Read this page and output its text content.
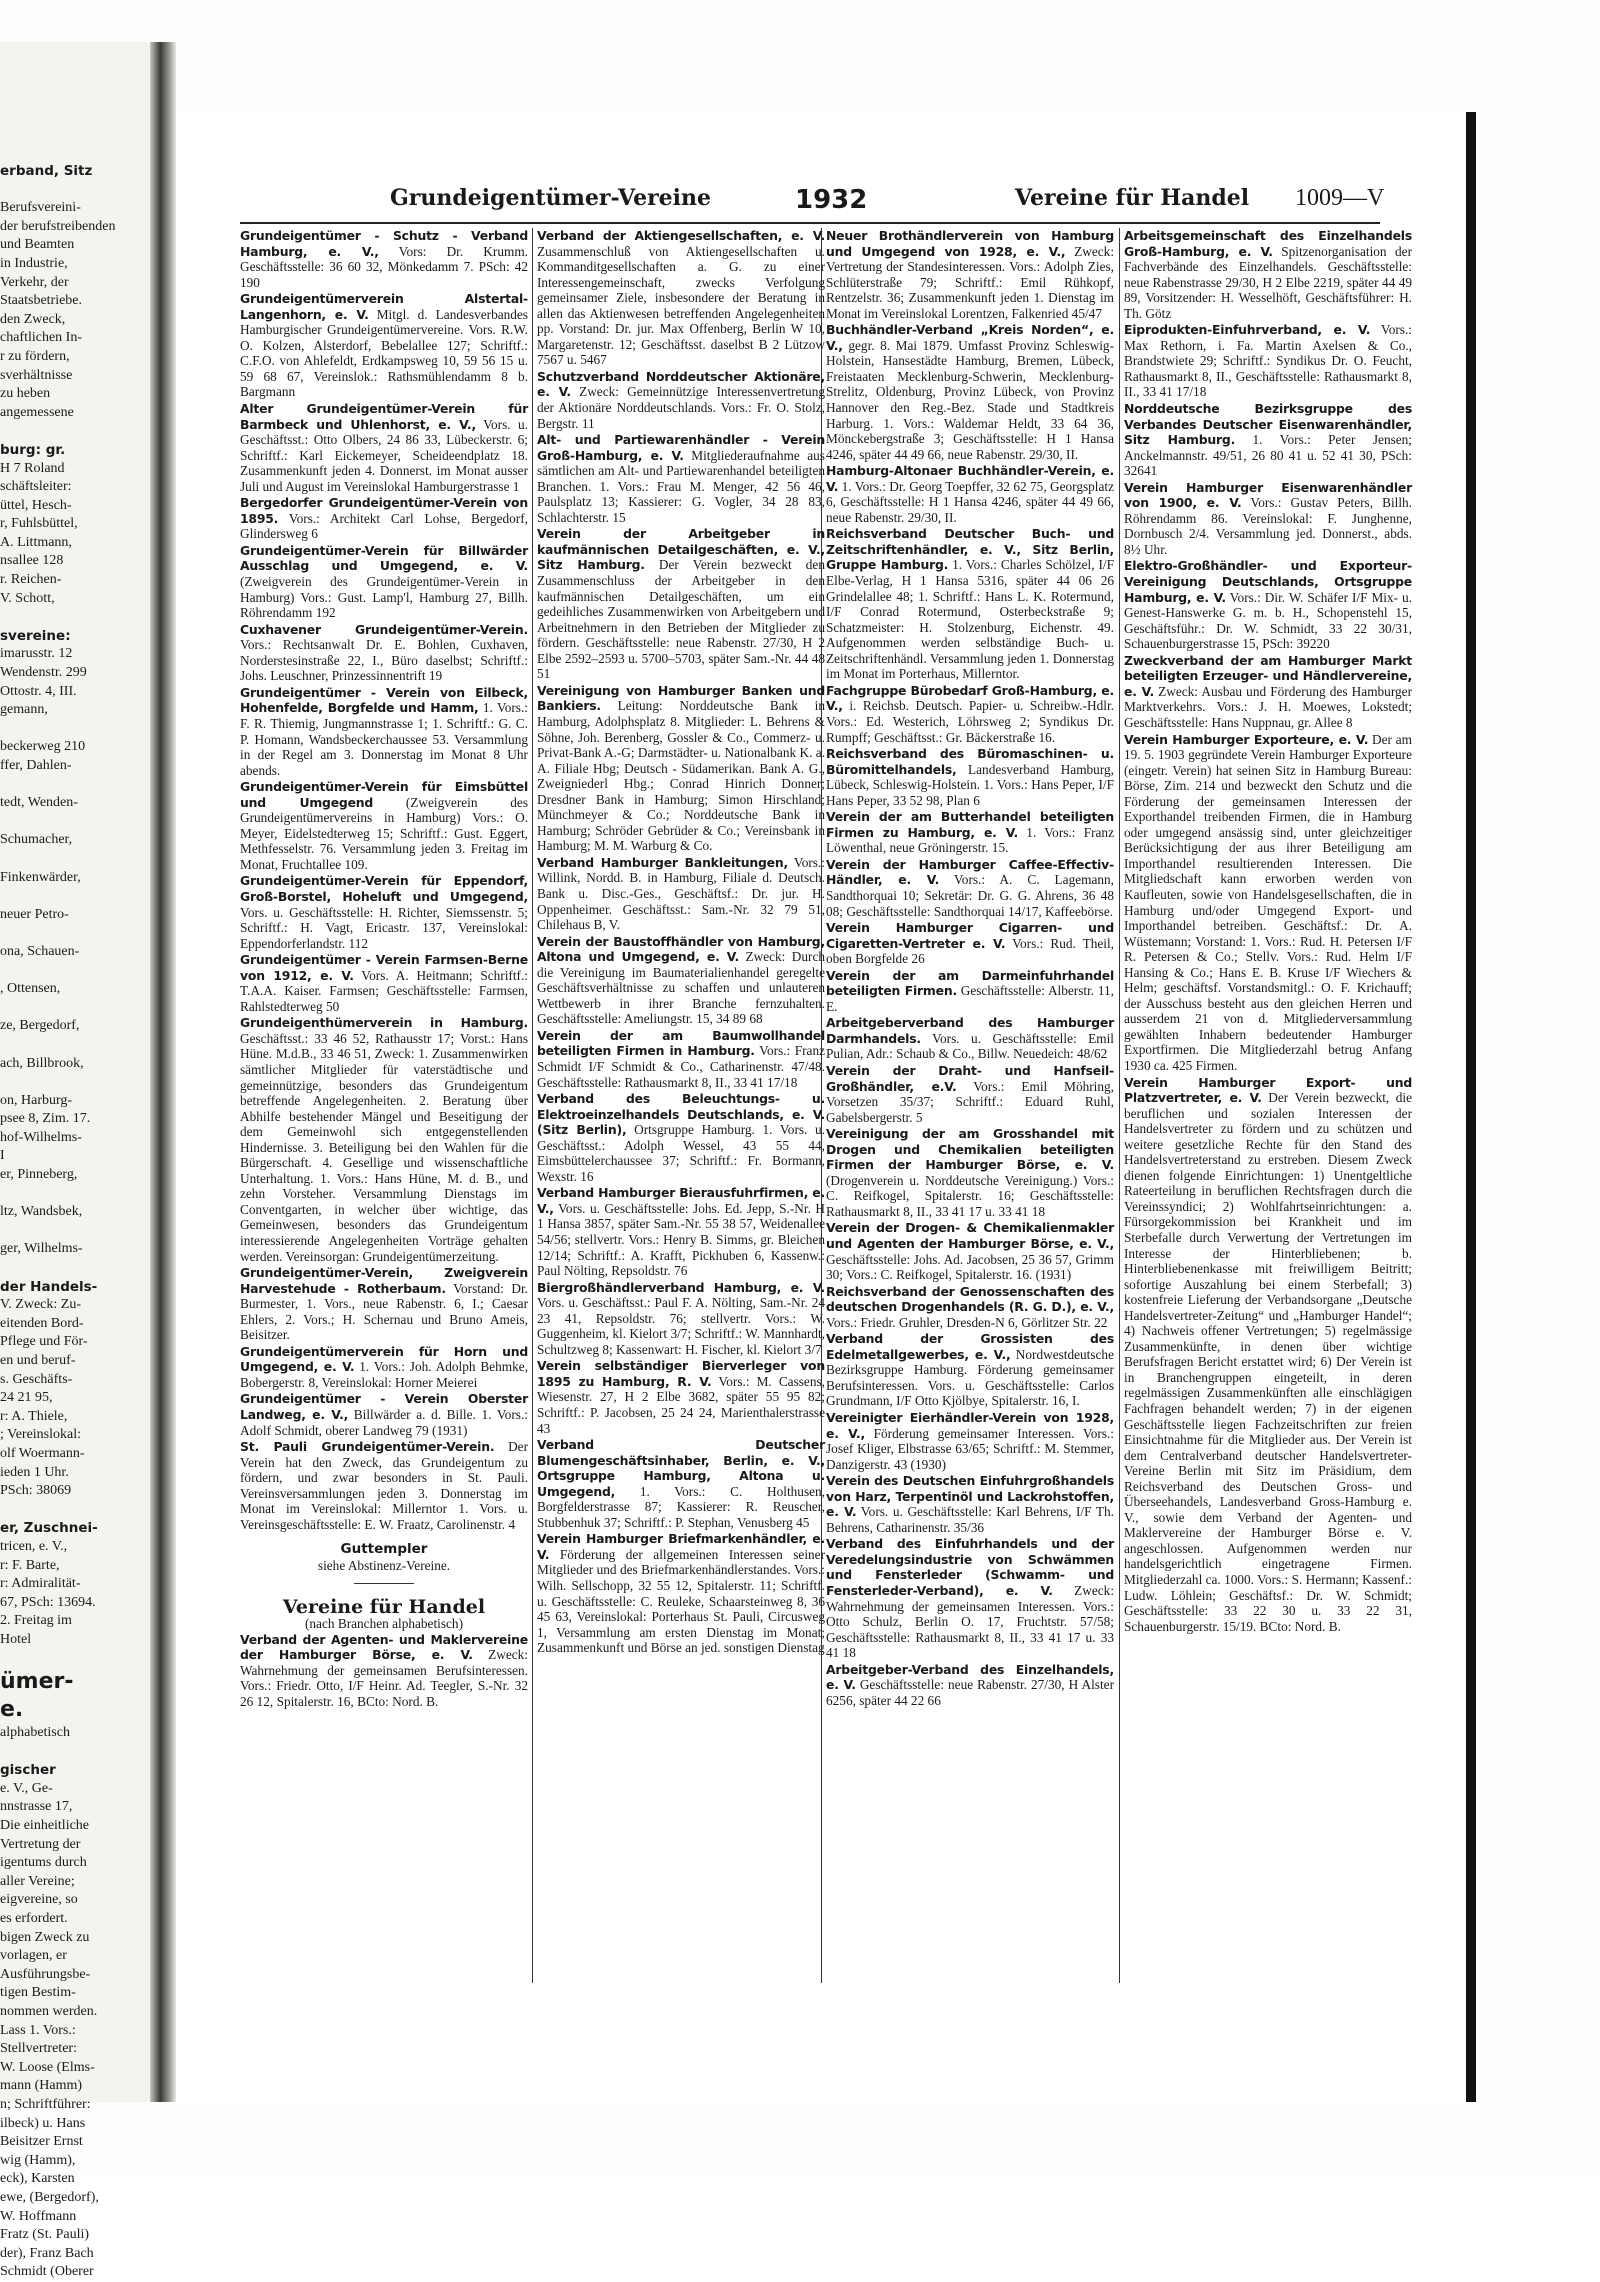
erband, Sitz
Berufsvereini-
der berufstreibenden
und Beamten
in Industrie,
Verkehr, der
Staatsbetriebe.
den Zweck,
chaftlichen In-
r zu fördern,
sverhältnisse
zu heben
angemessene
burg: gr.
H 7 Roland
schäftsleiter:
üttel, Hesch-
r, Fuhlsbüttel,
A. Littmann,
nsallee 128
r. Reichen-
V. Schott,
svereine:
imarusstr. 12
Wendenstr. 299
Ottostr. 4, III.
gemann,
beckerweg 210
ffer, Dahlen-
tedt, Wenden-
Schumacher,
Finkenwärder,
neuer Petro-
ona, Schauen-
, Ottensen,
ze, Bergedorf,
ach, Billbrook,
on, Harburg-
psee 8, Zim. 17.
hof-Wilhelms-
I
er, Pinneberg,
ltz, Wandsbek,
ger, Wilhelms-
der Handels-
V. Zweck: Zu-
eitenden Bord-
Pflege und För-
en und beruf-
s. Geschäfts-
24 21 95,
r: A. Thiele,
; Vereinslokal:
olf Woermann-
ieden 1 Uhr.
PSch: 38069
er, Zuschnei-
tricen, e. V.,
r: F. Barte,
r: Admiralität-
67, PSch: 13694.
2. Freitag im
Hotel
ümer-
e.
alphabetisch
gischer
e. V., Ge-
nnstrasse 17,
Die einheitliche
Vertretung der
igentums durch
aller Vereine;
eigvereine, so
es erfordert.
bigen Zweck zu
vorlagen, er
Ausführungsbe-
tigen Bestim-
nommen werden.
Lass 1. Vors.:
Stellvertreter:
W. Loose (Elms-
mann (Hamm)
n; Schriftführer:
ilbeck) u. Hans
Beisitzer Ernst
wig (Hamm),
eck), Karsten
ewe, (Bergedorf),
W. Hoffmann
Fratz (St. Pauli)
der), Franz Bach
Schmidt (Oberer
Grundeigentümer-Vereine	1932	Vereine für Handel 1009—V
Grundeigentümer - Schutz - Verband Hamburg, e. V., Vors: Dr. Krumm. Geschäftsstelle: 36 60 32, Mönkedamm 7. PSch: 42 190
Grundeigentümerverein Alstertal-Langenhorn, e. V. Mitgl. d. Landesverbandes Hamburgischer Grundeigentümervereine. Vors. R.W. O. Kolzen, Alsterdorf, Bebelallee 127; Schriftf.: C.F.O. von Ahlefeldt, Erdkampsweg 10, 59 56 15 u. 59 68 67, Vereinslok.: Rathsmühlendamm 8 b. Bargmann
Alter Grundeigentümer-Verein für Barmbeck und Uhlenhorst, e. V., Vors. u. Geschäftsst.: Otto Olbers, 24 86 33, Lübeckerstr. 6; Schriftf.: Karl Eickemeyer, Scheideendplatz 18. Zusammenkunft jeden 4. Donnerst. im Monat ausser Juli und August im Vereinslokal Hamburgerstrasse 1
Bergedorfer Grundeigentümer-Verein von 1895. Vors.: Architekt Carl Lohse, Bergedorf, Glindersweg 6
Grundeigentümer-Verein für Billwärder Ausschlag und Umgegend, e. V. (Zweigverein des Grundeigentümer-Verein in Hamburg) Vors.: Gust. Lamp'l, Hamburg 27, Billh. Röhrendamm 192
Cuxhavener Grundeigentümer-Verein. Vors.: Rechtsanwalt Dr. E. Bohlen, Cuxhaven, Norderstesinstraße 22, I., Büro daselbst; Schriftf.: Johs. Leuschner, Prinzessinnentrift 19
Grundeigentümer - Verein von Eilbeck, Hohenfelde, Borgfelde und Hamm, 1. Vors.: F. R. Thiemig, Jungmannstrasse 1; 1. Schriftf.: G. C. P. Homann, Wandsbeckerchaussee 53. Versammlung in der Regel am 3. Donnerstag im Monat 8 Uhr abends.
Grundeigentümer-Verein für Eimsbüttel und Umgegend (Zweigverein des Grundeigentümervereins in Hamburg) Vors.: O. Meyer, Eidelstedterweg 15; Schriftf.: Gust. Eggert, Methfesselstr. 76. Versammlung jeden 3. Freitag im Monat, Fruchtallee 109.
Grundeigentümer-Verein für Eppendorf, Groß-Borstel, Hoheluft und Umgegend, Vors. u. Geschäftsstelle: H. Richter, Siemssenstr. 5; Schriftf.: H. Vagt, Ericastr. 137, Vereinslokal: Eppendorferlandstr. 112
Grundeigentümer - Verein Farmsen-Berne von 1912, e. V. Vors. A. Heitmann; Schriftf.: T.A.A. Kaiser. Farmsen; Geschäftsstelle: Farmsen, Rahlstedterweg 50
Grundeigenthümerverein in Hamburg. Geschäftsst.: 33 46 52, Rathausstr 17; Vorst.: Hans Hüne. M.d.B., 33 46 51, Zweck: 1. Zusammenwirken sämtlicher Mitglieder für vaterstädtische und gemeinnützige, besonders das Grundeigentum betreffende Angelegenheiten. 2. Beratung über Abhilfe bestehender Mängel und Beseitigung der dem Gemeinwohl sich entgegenstellenden Hindernisse. 3. Beteiligung bei den Wahlen für die Bürgerschaft. 4. Gesellige und wissenschaftliche Unterhaltung. 1. Vors.: Hans Hüne, M. d. B., und zehn Vorsteher. Versammlung Dienstags im Conventgarten, in welcher über wichtige, das Gemeinwesen, besonders das Grundeigentum interessierende Angelegenheiten Vorträge gehalten werden. Vereinsorgan: Grundeigentümerzeitung.
Grundeigentümer-Verein, Zweigverein Harvestehude - Rotherbaum. Vorstand: Dr. Burmester, 1. Vors., neue Rabenstr. 6, I.; Caesar Ehlers, 2. Vors.; H. Schernau und Bruno Ameis, Beisitzer.
Grundeigentümerverein für Horn und Umgegend, e. V. 1. Vors.: Joh. Adolph Behmke, Bobergerstr. 8, Vereinslokal: Horner Meierei
Grundeigentümer - Verein Oberster Landweg, e. V., Billwärder a. d. Bille. 1. Vors.: Adolf Schmidt, oberer Landweg 79 (1931)
St. Pauli Grundeigentümer-Verein. Der Verein hat den Zweck, das Grundeigentum zu fördern, und zwar besonders in St. Pauli. Vereinsversammlungen jeden 3. Donnerstag im Monat im Vereinslokal: Millerntor 1. Vors. u. Vereinsgeschäftsstelle: E. W. Fraatz, Carolinenstr. 4
Guttempler
siehe Abstinenz-Vereine.
Vereine für Handel
(nach Branchen alphabetisch)
Verband der Agenten- und Maklervereine der Hamburger Börse, e. V. Zweck: Wahrnehmung der gemeinsamen Berufsinteressen. Vors.: Friedr. Otto, I/F Heinr. Ad. Teegler, S.-Nr. 32 26 12, Spitalerstr. 16, BCto: Nord. B.
Verband der Aktiengesellschaften, e. V. Zusammenschluß von Aktiengesellschaften u. Kommanditgesellschaften a. G. zu einer Interessengemeinschaft, zwecks Verfolgung gemeinsamer Ziele, insbesondere der Beratung in allen das Aktienwesen betreffenden Angelegenheiten pp. Vorstand: Dr. jur. Max Offenberg, Berlin W 10, Margaretenstr. 12; Geschäftsst. daselbst B 2 Lützow 7567 u. 5467
Schutzverband Norddeutscher Aktionäre, e. V. Zweck: Gemeinnützige Interessenvertretung der Aktionäre Norddeutschlands. Vors.: Fr. O. Stolz, Bergstr. 11
Alt- und Partiewarenhändler - Verein Groß-Hamburg, e. V. Mitgliederaufnahme aus sämtlichen am Alt- und Partiewarenhandel beteiligten Branchen. 1. Vors.: Frau M. Menger, 42 56 46, Paulsplatz 13; Kassierer: G. Vogler, 34 28 83, Schlachterstr. 15
Verein der Arbeitgeber in kaufmännischen Detailgeschäften, e. V., Sitz Hamburg. Der Verein bezweckt den Zusammenschluss der Arbeitgeber in den kaufmännischen Detailgeschäften, um ein gedeihliches Zusammenwirken von Arbeitgebern und Arbeitnehmern in den Betrieben der Mitglieder zu fördern. Geschäftsstelle: neue Rabenstr. 27/30, H 2 Elbe 2592–2593 u. 5700–5703, später Sam.-Nr. 44 48 51
Vereinigung von Hamburger Banken und Bankiers. Leitung: Norddeutsche Bank in Hamburg, Adolphsplatz 8. Mitglieder: L. Behrens & Söhne, Joh. Berenberg, Gossler & Co., Commerz- u. Privat-Bank A.-G; Darmstädter- u. Nationalbank K. a. A. Filiale Hbg; Deutsch - Südamerikan. Bank A. G., Zweigniederl Hbg.; Conrad Hinrich Donner; Dresdner Bank in Hamburg; Simon Hirschland; Münchmeyer & Co.; Norddeutsche Bank in Hamburg; Schröder Gebrüder & Co.; Vereinsbank in Hamburg; M. M. Warburg & Co.
Verband Hamburger Bankleitungen, Vors.: Willink, Nordd. B. in Hamburg, Filiale d. Deutsch. Bank u. Disc.-Ges., Geschäftsf.: Dr. jur. H. Oppenheimer. Geschäftsst.: Sam.-Nr. 32 79 51, Chilehaus B, V.
Verein der Baustoffhändler von Hamburg, Altona und Umgegend, e. V. Zweck: Durch die Vereinigung im Baumaterialienhandel geregelte Geschäftsverhältnisse zu schaffen und unlauteren Wettbewerb in ihrer Branche fernzuhalten. Geschäftsstelle: Ameliungstr. 15, 34 89 68
Verein der am Baumwollhandel beteiligten Firmen in Hamburg. Vors.: Franz Schmidt I/F Schmidt & Co., Catharinenstr. 47/48. Geschäftsstelle: Rathausmarkt 8, II., 33 41 17/18
Verband des Beleuchtungs- u. Elektroeinzelhandels Deutschlands, e. V. (Sitz Berlin), Ortsgruppe Hamburg. 1. Vors. u. Geschäftsst.: Adolph Wessel, 43 55 44, Eimsbüttelerchaussee 37; Schriftf.: Fr. Bormann, Wexstr. 16
Verband Hamburger Bierausfuhrfirmen, e. V., Vors. u. Geschäftsstelle: Johs. Ed. Jepp, S.-Nr. H 1 Hansa 3857, später Sam.-Nr. 55 38 57, Weidenallee 54/56; stellvertr. Vors.: Henry B. Simms, gr. Bleichen 12/14; Schriftf.: A. Krafft, Pickhuben 6, Kassenw.: Paul Nölting, Repsoldstr. 76
Biergroßhändlerverband Hamburg, e. V. Vors. u. Geschäftsst.: Paul F. A. Nölting, Sam.-Nr. 24 23 41, Repsoldstr. 76; stellvertr. Vors.: W. Guggenheim, kl. Kielort 3/7; Schriftf.: W. Mannhardt, Schultzweg 8; Kassenwart: H. Fischer, kl. Kielort 3/7
Verein selbständiger Bierverleger von 1895 zu Hamburg, R. V. Vors.: M. Cassens, Wiesenstr. 27, H 2 Elbe 3682, später 55 95 82; Schriftf.: P. Jacobsen, 25 24 24, Marienthalerstrasse 43
Verband Deutscher Blumengeschäftsinhaber, Berlin, e. V., Ortsgruppe Hamburg, Altona u. Umgegend, 1. Vors.: C. Holthusen, Borgfelderstrasse 87; Kassierer: R. Reuscher, Stubbenhuk 37; Schriftf.: P. Stephan, Venusberg 45
Verein Hamburger Briefmarkenhändler, e. V. Förderung der allgemeinen Interessen seiner Mitglieder und des Briefmarkenhändlerstandes. Vors.: Wilh. Sellschopp, 32 55 12, Spitalerstr. 11; Schriftf. u. Geschäftsstelle: C. Reuleke, Schaarsteinweg 8, 36 45 63, Vereinslokal: Porterhaus St. Pauli, Circusweg 1, Versammlung am ersten Dienstag im Monat; Zusammenkunft und Börse an jed. sonstigen Dienstag
Neuer Brothändlerverein von Hamburg und Umgegend von 1928, e. V., Zweck: Vertretung der Standesinteressen. Vors.: Adolph Zies, Schlüterstraße 79; Schriftf.: Emil Rühkopf, Rentzelstr. 36; Zusammenkunft jeden 1. Dienstag im Monat im Vereinslokal Lorentzen, Falkenried 45/47
Buchhändler-Verband „Kreis Norden“, e. V., gegr. 8. Mai 1879. Umfasst Provinz Schleswig-Holstein, Hansestädte Hamburg, Bremen, Lübeck, Freistaaten Mecklenburg-Schwerin, Mecklenburg-Strelitz, Oldenburg, Provinz Lübeck, von Provinz Hannover den Reg.-Bez. Stade und Stadtkreis Harburg. 1. Vors.: Waldemar Heldt, 33 64 36, Mönckebergstraße 3; Geschäftsstelle: H 1 Hansa 4246, später 44 49 66, neue Rabenstr. 29/30, II.
Hamburg-Altonaer Buchhändler-Verein, e. V. 1. Vors.: Dr. Georg Toepffer, 32 62 75, Georgsplatz 6, Geschäftsstelle: H 1 Hansa 4246, später 44 49 66, neue Rabenstr. 29/30, II.
Reichsverband Deutscher Buch- und Zeitschriftenhändler, e. V., Sitz Berlin, Gruppe Hamburg. 1. Vors.: Charles Schölzel, I/F Elbe-Verlag, H 1 Hansa 5316, später 44 06 26 Grindelallee 48; 1. Schriftf.: Hans L. K. Rotermund, I/F Conrad Rotermund, Osterbeckstraße 9; Schatzmeister: H. Stolzenburg, Eichenstr. 49. Aufgenommen werden selbständige Buch- u. Zeitschriftenhändl. Versammlung jeden 1. Donnerstag im Monat im Porterhaus, Millerntor.
Fachgruppe Bürobedarf Groß-Hamburg, e. V., i. Reichsb. Deutsch. Papier- u. Schreibw.-Hdlr. Vors.: Ed. Westerich, Löhrsweg 2; Syndikus Dr. Rumpff; Geschäftsst.: Gr. Bäckerstraße 16.
Reichsverband des Büromaschinen- u. Büromittelhandels, Landesverband Hamburg, Lübeck, Schleswig-Holstein. 1. Vors.: Hans Peper, I/F Hans Peper, 33 52 98, Plan 6
Verein der am Butterhandel beteiligten Firmen zu Hamburg, e. V. 1. Vors.: Franz Löwenthal, neue Gröningerstr. 15.
Verein der Hamburger Caffee-Effectiv-Händler, e. V. Vors.: A. C. Lagemann, Sandthorquai 10; Sekretär: Dr. G. G. Ahrens, 36 48 08; Geschäftsstelle: Sandthorquai 14/17, Kaffeebörse.
Verein Hamburger Cigarren- und Cigaretten-Vertreter e. V. Vors.: Rud. Theil, oben Borgfelde 26
Verein der am Darmeinfuhrhandel beteiligten Firmen. Geschäftsstelle: Alberstr. 11, E.
Arbeitgeberverband des Hamburger Darmhandels. Vors. u. Geschäftsstelle: Emil Pulian, Adr.: Schaub & Co., Billw. Neuedeich: 48/62
Verein der Draht- und Hanfseil-Großhändler, e.V. Vors.: Emil Möhring, Vorsetzen 35/37; Schriftf.: Eduard Ruhl, Gabelsbergerstr. 5
Vereinigung der am Grosshandel mit Drogen und Chemikalien beteiligten Firmen der Hamburger Börse, e. V. (Drogenverein u. Norddeutsche Vereinigung.) Vors.: C. Reifkogel, Spitalerstr. 16; Geschäftsstelle: Rathausmarkt 8, II., 33 41 17 u. 33 41 18
Verein der Drogen- & Chemikalienmakler und Agenten der Hamburger Börse, e. V., Geschäftsstelle: Johs. Ad. Jacobsen, 25 36 57, Grimm 30; Vors.: C. Reifkogel, Spitalerstr. 16. (1931)
Reichsverband der Genossenschaften des deutschen Drogenhandels (R. G. D.), e. V., Vors.: Friedr. Gruhler, Dresden-N 6, Görlitzer Str. 22
Verband der Grossisten des Edelmetallgewerbes, e. V., Nordwestdeutsche Bezirksgruppe Hamburg. Förderung gemeinsamer Berufsinteressen. Vors. u. Geschäftsstelle: Carlos Grundmann, I/F Otto Kjölbye, Spitalerstr. 16, I.
Vereinigter Eierhändler-Verein von 1928, e. V., Förderung gemeinsamer Interessen. Vors.: Josef Kliger, Elbstrasse 63/65; Schriftf.: M. Stemmer, Danzigerstr. 43 (1930)
Verein des Deutschen Einfuhrgroßhandels von Harz, Terpentinöl und Lackrohstoffen, e. V. Vors. u. Geschäftsstelle: Karl Behrens, I/F Th. Behrens, Catharinenstr. 35/36
Verband des Einfuhrhandels und der Veredelungsindustrie von Schwämmen und Fensterleder (Schwamm- und Fensterleder-Verband), e. V. Zweck: Wahrnehmung der gemeinsamen Interessen. Vors.: Otto Schulz, Berlin O. 17, Fruchtstr. 57/58; Geschäftsstelle: Rathausmarkt 8, II., 33 41 17 u. 33 41 18
Arbeitgeber-Verband des Einzelhandels, e. V. Geschäftsstelle: neue Rabenstr. 27/30, H Alster 6256, später 44 22 66
Arbeitsgemeinschaft des Einzelhandels Groß-Hamburg, e. V. Spitzenorganisation der Fachverbände des Einzelhandels. Geschäftsstelle: neue Rabenstrasse 29/30, H 2 Elbe 2219, später 44 49 89, Vorsitzender: H. Wesselhöft, Geschäftsführer: H. Th. Götz
Eiprodukten-Einfuhrverband, e. V. Vors.: Max Rethorn, i. Fa. Martin Axelsen & Co., Brandstwiete 29; Schriftf.: Syndikus Dr. O. Feucht, Rathausmarkt 8, II., Geschäftsstelle: Rathausmarkt 8, II., 33 41 17/18
Norddeutsche Bezirksgruppe des Verbandes Deutscher Eisenwarenhändler, Sitz Hamburg. 1. Vors.: Peter Jensen; Anckelmannstr. 49/51, 26 80 41 u. 52 41 30, PSch: 32641
Verein Hamburger Eisenwarenhändler von 1900, e. V. Vors.: Gustav Peters, Billh. Röhrendamm 86. Vereinslokal: F. Junghenne, Dornbusch 2/4. Versammlung jed. Donnerst., abds. 8½ Uhr.
Elektro-Großhändler- und Exporteur-Vereinigung Deutschlands, Ortsgruppe Hamburg, e. V. Vors.: Dir. W. Schäfer I/F Mix- u. Genest-Hanswerke G. m. b. H., Schopenstehl 15, Geschäftsführ.: Dr. W. Schmidt, 33 22 30/31, Schauenburgerstrasse 15, PSch: 39220
Zweckverband der am Hamburger Markt beteiligten Erzeuger- und Händlervereine, e. V. Zweck: Ausbau und Förderung des Hamburger Marktverkehrs. Vors.: J. H. Moewes, Lokstedt; Geschäftsstelle: Hans Nuppnau, gr. Allee 8
Verein Hamburger Exporteure, e. V. Der am 19. 5. 1903 gegründete Verein Hamburger Exporteure (eingetr. Verein) hat seinen Sitz in Hamburg Bureau: Börse, Zim. 214 und bezweckt den Schutz und die Förderung der gemeinsamen Interessen der Exporthandel treibenden Firmen, die in Hamburg oder umgegend ansässig sind, unter gleichzeitiger Berücksichtigung der aus ihrer Beteiligung am Importhandel resultierenden Interessen. Die Mitgliedschaft kann erworben werden von Kaufleuten, sowie von Handelsgesellschaften, die in Hamburg und/oder Umgegend Export- und Importhandel betreiben. Geschäftsf.: Dr. A. Wüstemann; Vorstand: 1. Vors.: Rud. H. Petersen I/F R. Petersen & Co.; Stellv. Vors.: Rud. Helm I/F Hansing & Co.; Hans E. B. Kruse I/F Wiechers & Helm; geschäftsf. Vorstandsmitgl.: O. F. Krichauff; der Ausschuss besteht aus den gleichen Herren und ausserdem 21 von d. Mitgliederversammlung gewählten Inhabern bedeutender Hamburger Exportfirmen. Die Mitgliederzahl betrug Anfang 1930 ca. 425 Firmen.
Verein Hamburger Export- und Platzvertreter, e. V. Der Verein bezweckt, die beruflichen und sozialen Interessen der Handelsvertreter zu fördern und zu schützen und weitere gesetzliche Rechte für den Stand des Handelsvertreterstand zu erstreben. Diesem Zweck dienen folgende Einrichtungen: 1) Unentgeltliche Rateerteilung in beruflichen Rechtsfragen durch die Vereinssyndici; 2) Wohlfahrtseinrichtungen: a. Fürsorgekommission bei Krankheit und im Sterbefalle durch Verwertung der Vertretungen im Interesse der Hinterbliebenen; b. Hinterbliebenenkasse mit freiwilligem Beitritt; sofortige Auszahlung bei einem Sterbefall; 3) kostenfreie Lieferung der Verbandsorgane „Deutsche Handelsvertreter-Zeitung“ und „Hamburger Handel“; 4) Nachweis offener Vertretungen; 5) regelmässige Zusammenkünfte, in denen über wichtige Berufsfragen Bericht erstattet wird; 6) Der Verein ist in Branchengruppen eingeteilt, in deren regelmässigen Zusammenkünften alle einschlägigen Fachfragen behandelt werden; 7) in der eigenen Geschäftsstelle liegen Fachzeitschriften zur freien Einsichtnahme für die Mitglieder aus. Der Verein ist dem Centralverband deutscher Handelsvertreter-Vereine Berlin mit Sitz im Präsidium, dem Reichsverband des Deutschen Gross- und Überseehandels, Landesverband Gross-Hamburg e. V., sowie dem Verband der Agenten- und Maklervereine der Hamburger Börse e. V. angeschlossen. Aufgenommen werden nur handelsgerichtlich eingetragene Firmen. Mitgliederzahl ca. 1000. Vors.: S. Hermann; Kassenf.: Ludw. Löhlein; Geschäftsf.: Dr. W. Schmidt; Geschäftsstelle: 33 22 30 u. 33 22 31, Schauenburgerstr. 15/19. BCto: Nord. B.
